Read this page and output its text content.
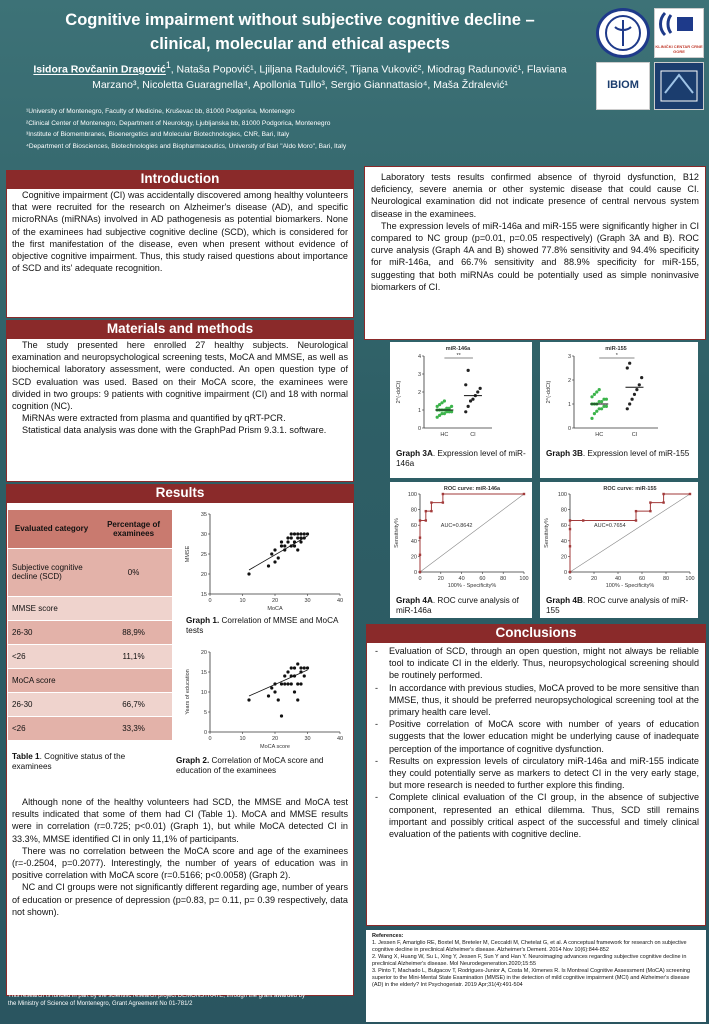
Cognitive impairment without subjective cognitive decline –
clinical, molecular and ethical aspects
Isidora Rovčanin Dragović$^1$, Nataša Popović¹, Ljiljana Radulović², Tijana Vuković², Miodrag Radunović¹, Flaviana Marzano³, Nicoletta Guaragnella⁴, Apollonia Tullo³, Sergio Giannattasio⁴, Maša Ždralević¹
¹University of Montenegro, Faculty of Medicine, Kruševac bb, 81000 Podgorica, Montenegro
²Clinical Center of Montenegro, Department of Neurology, Ljubljanska bb, 81000 Podgorica, Montenegro
³Institute of Biomembranes, Bioenergetics and Molecular Biotechnologies, CNR, Bari, Italy
⁴Department of Biosciences, Biotechnologies and Biopharmaceutics, University of Bari "Aldo Moro", Bari, Italy
KLINIČKI CENTAR CRNE GORE
IBIOM
Introduction

Cognitive impairment (CI) was accidentally discovered among healthy volunteers that were recruited for the research on Alzheimer's disease (AD), and specific microRNAs (miRNAs) involved in AD pathogenesis as potential biomarkers. None of the examinees had subjective cognitive decline (SCD), which is considered for the first manifestation of the disease, even when present without evidence of objective cognitive impairment. Thus, this study raised questions about importance of SCD and its' adequate recognition.

Materials and methods

The study presented here enrolled 27 healthy subjects. Neurological examination and neuropsychological screening tests, MoCA and MMSE, as well as biochemical laboratory assessment, were conducted. An open question type of SCD evaluation was used. Based on their MoCA score, the examinees were divided in two groups: 9 patients with cognitive impairment (CI) and 18 with normal cognition (NC).

MiRNAs were extracted from plasma and quantified by qRT-PCR.

Statistical data analysis was done with the GraphPad Prism 9.3.1. software.

Results
Evaluated category	Percentage of examinees
Subjective cognitive decline (SCD)	0%
MMSE score	
26-30	88,9%
<26	11,1%
MoCA score	
26-30	66,7%
<26	33,3%
Table 1. Cognitive status of the examinees
0	10	20	30	40
15
20
25
30
35
MoCA
MMSE
Graph 1. Correlation of MMSE and MoCA tests
0	10	20	30	40
0
5
10
15
20
MoCA score
Years of education
Graph 2. Correlation of MoCA score and education of the examinees

Although none of the healthy volunteers had SCD, the MMSE and MoCA test results indicated that some of them had CI (Table 1). MoCA and MMSE results were in correlation (r=0.725; p<0.01) (Graph 1), but while MoCA detected CI in 33.3%, MMSE identified CI in only 11,1% of participants.

There was no correlation between the MoCA score and age of the examinees (r=-0.2504, p=0.2077). Interestingly, the number of years of education was in positive correlation with MoCA score (r=0.5166; p<0.0058) (Graph 2).

NC and CI groups were not significantly different regarding age, number of years of education or presence of depression (p=0.83, p= 0.11, p= 0.39 respectively, data not shown).

Laboratory tests results confirmed absence of thyroid dysfunction, B12 deficiency, severe anemia or other systemic disease that could cause CI. Neurological examination did not indicate presence of central nervous system disease in the examinees.

The expression levels of miR-146a and miR-155 were significantly higher in CI compared to NC group (p=0.01, p=0.05 respectively) (Graph 3A and B). ROC curve analysis (Graph 4A and B) showed 77.8% sensitivity and 94.4% specificity for miR-146a, and 66.7% sensitivity and 88.9% specificity for miR-155, suggesting that both miRNAs could be potentially used as simple noninvasive biomarkers of CI.

miR-146a
0
1
2
3
4
2^(-ddCt)
HC	CI
**
Graph 3A. Expression level of miR-146a
miR-155
0
1
2
3
2^(-ddCt)
HC	CI
*
Graph 3B. Expression level of miR-155
ROC curve: miR-146a
0	20	40	60	80 100
0
20
40
60
80
100
100% - Specificity%
Sensitivity%	AUC=0.8642
Graph 4A. ROC curve analysis of miR-146a
ROC curve: miR-155
0	20	40	60	80	100
0
20
40
60
80
100
100% - Specificity%
Sensitivity%	AUC=0.7654
Graph 4B. ROC curve analysis of miR-155
Conclusions
- Evaluation of SCD, through an open question, might not always be reliable tool to indicate CI in the elderly. Thus, neuropsychological screening should be routinely performed.
- In accordance with previous studies, MoCA proved to be more sensitive than MMSE, thus, it should be preferred neuropsychological screening tool at the primary health care level.
- Positive correlation of MoCA score with number of years of education suggests that the lower education might be underlying cause of inadequate perception of the importance of cognitive dysfunction.
- Results on expression levels of circulatory miR-146a and miR-155 indicate they could potentially serve as markers to detect CI in the very early stage, but more research is needed to further explore this finding.
- Complete clinical evaluation of the CI group, in the absence of subjective component, represented an ethical dilemma. Thus, SCD still remains important and possibly critical aspect of the successful and timely clinical evaluation of the patients with cognitive decline.
References:
1. Jessen F, Amariglio RE, Boxtel M, Breteler M, Ceccaldi M, Chetelat G, et al. A conceptual framework for research on subjective cognitive decline in preclinical Alzheimer's disease. Alzheimer's Dement. 2014 Nov 10(6):844-852
2. Wang X, Huang W, Su L, Xing Y, Jessen F, Sun Y and Han Y. Neuroimaging advances regarding subjective cognitive decline in preclinical Alzheimer's disease. Mol Neurodegeneration.2020;15:55
3. Pinto T, Machado L, Bulgacov T, Rodrigues-Junior A, Costa M, Ximenes R. Is Montreal Cognitive Assessment (MoCA) screening superior to the Mini-Mental State Examination (MMSE) in the detection of mild cognitive impairment (MCI) and Alzheimer's disease (AD) in the elderly? Int Psychogeriatr. 2019 Apr;31(4):491-504
This research is funded in part by the scientific research project DEMONSTRATE, through the grant awarded by the Ministry of Science of Montenegro, Grant Agreement No 01-781/2
